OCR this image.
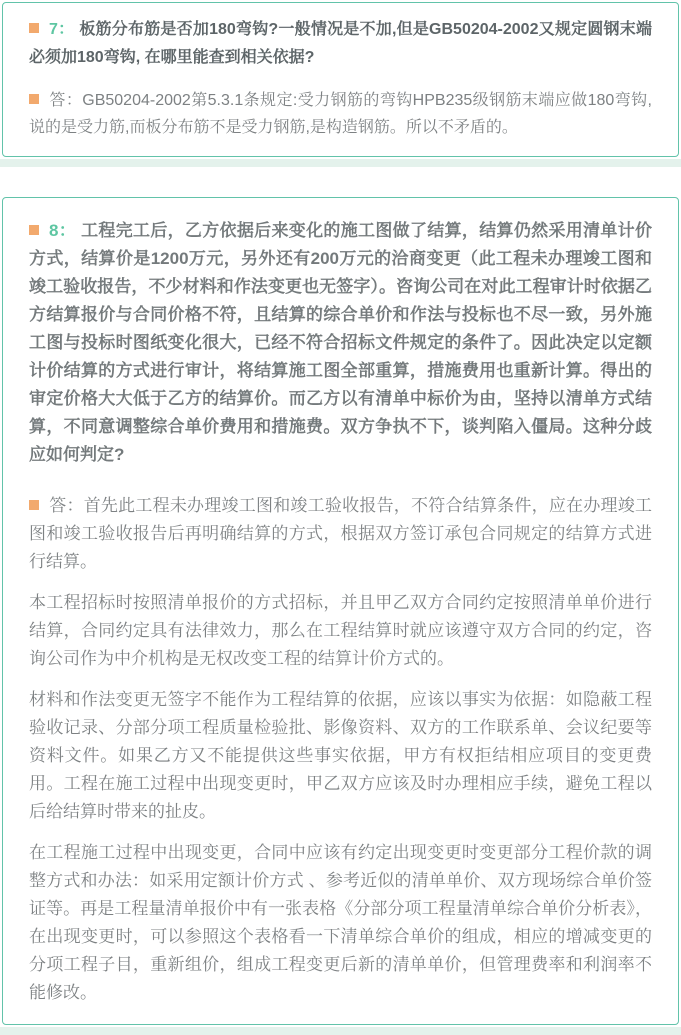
7： 板筋分布筋是否加180弯钩?一般情况是不加,但是GB50204-2002又规定圆钢末端必须加180弯钩, 在哪里能查到相关依据?

答：GB50204-2002第5.3.1条规定:受力钢筋的弯钩HPB235级钢筋末端应做180弯钩,说的是受力筋,而板分布筋不是受力钢筋,是构造钢筋。所以不矛盾的。

8： 工程完工后，乙方依据后来变化的施工图做了结算，结算仍然采用清单计价方式，结算价是1200万元，另外还有200万元的洽商变更（此工程未办理竣工图和竣工验收报告，不少材料和作法变更也无签字）。咨询公司在对此工程审计时依据乙方结算报价与合同价格不符，且结算的综合单价和作法与投标也不尽一致，另外施工图与投标时图纸变化很大，已经不符合招标文件规定的条件了。因此决定以定额计价结算的方式进行审计，将结算施工图全部重算，措施费用也重新计算。得出的审定价格大大低于乙方的结算价。而乙方以有清单中标价为由，坚持以清单方式结算，不同意调整综合单价费用和措施费。双方争执不下，谈判陷入僵局。这种分歧应如何判定?

答：首先此工程未办理竣工图和竣工验收报告，不符合结算条件，应在办理竣工图和竣工验收报告后再明确结算的方式，根据双方签订承包合同规定的结算方式进行结算。

本工程招标时按照清单报价的方式招标，并且甲乙双方合同约定按照清单单价进行结算，合同约定具有法律效力，那么在工程结算时就应该遵守双方合同的约定，咨询公司作为中介机构是无权改变工程的结算计价方式的。

材料和作法变更无签字不能作为工程结算的依据，应该以事实为依据：如隐蔽工程验收记录、分部分项工程质量检验批、影像资料、双方的工作联系单、会议纪要等资料文件。如果乙方又不能提供这些事实依据，甲方有权拒结相应项目的变更费用。工程在施工过程中出现变更时，甲乙双方应该及时办理相应手续，避免工程以后给结算时带来的扯皮。

在工程施工过程中出现变更，合同中应该有约定出现变更时变更部分工程价款的调整方式和办法：如采用定额计价方式 、参考近似的清单单价、双方现场综合单价签证等。再是工程量清单报价中有一张表格《分部分项工程量清单综合单价分析表》，在出现变更时，可以参照这个表格看一下清单综合单价的组成，相应的增减变更的分项工程子目，重新组价，组成工程变更后新的清单单价，但管理费率和利润率不能修改。
